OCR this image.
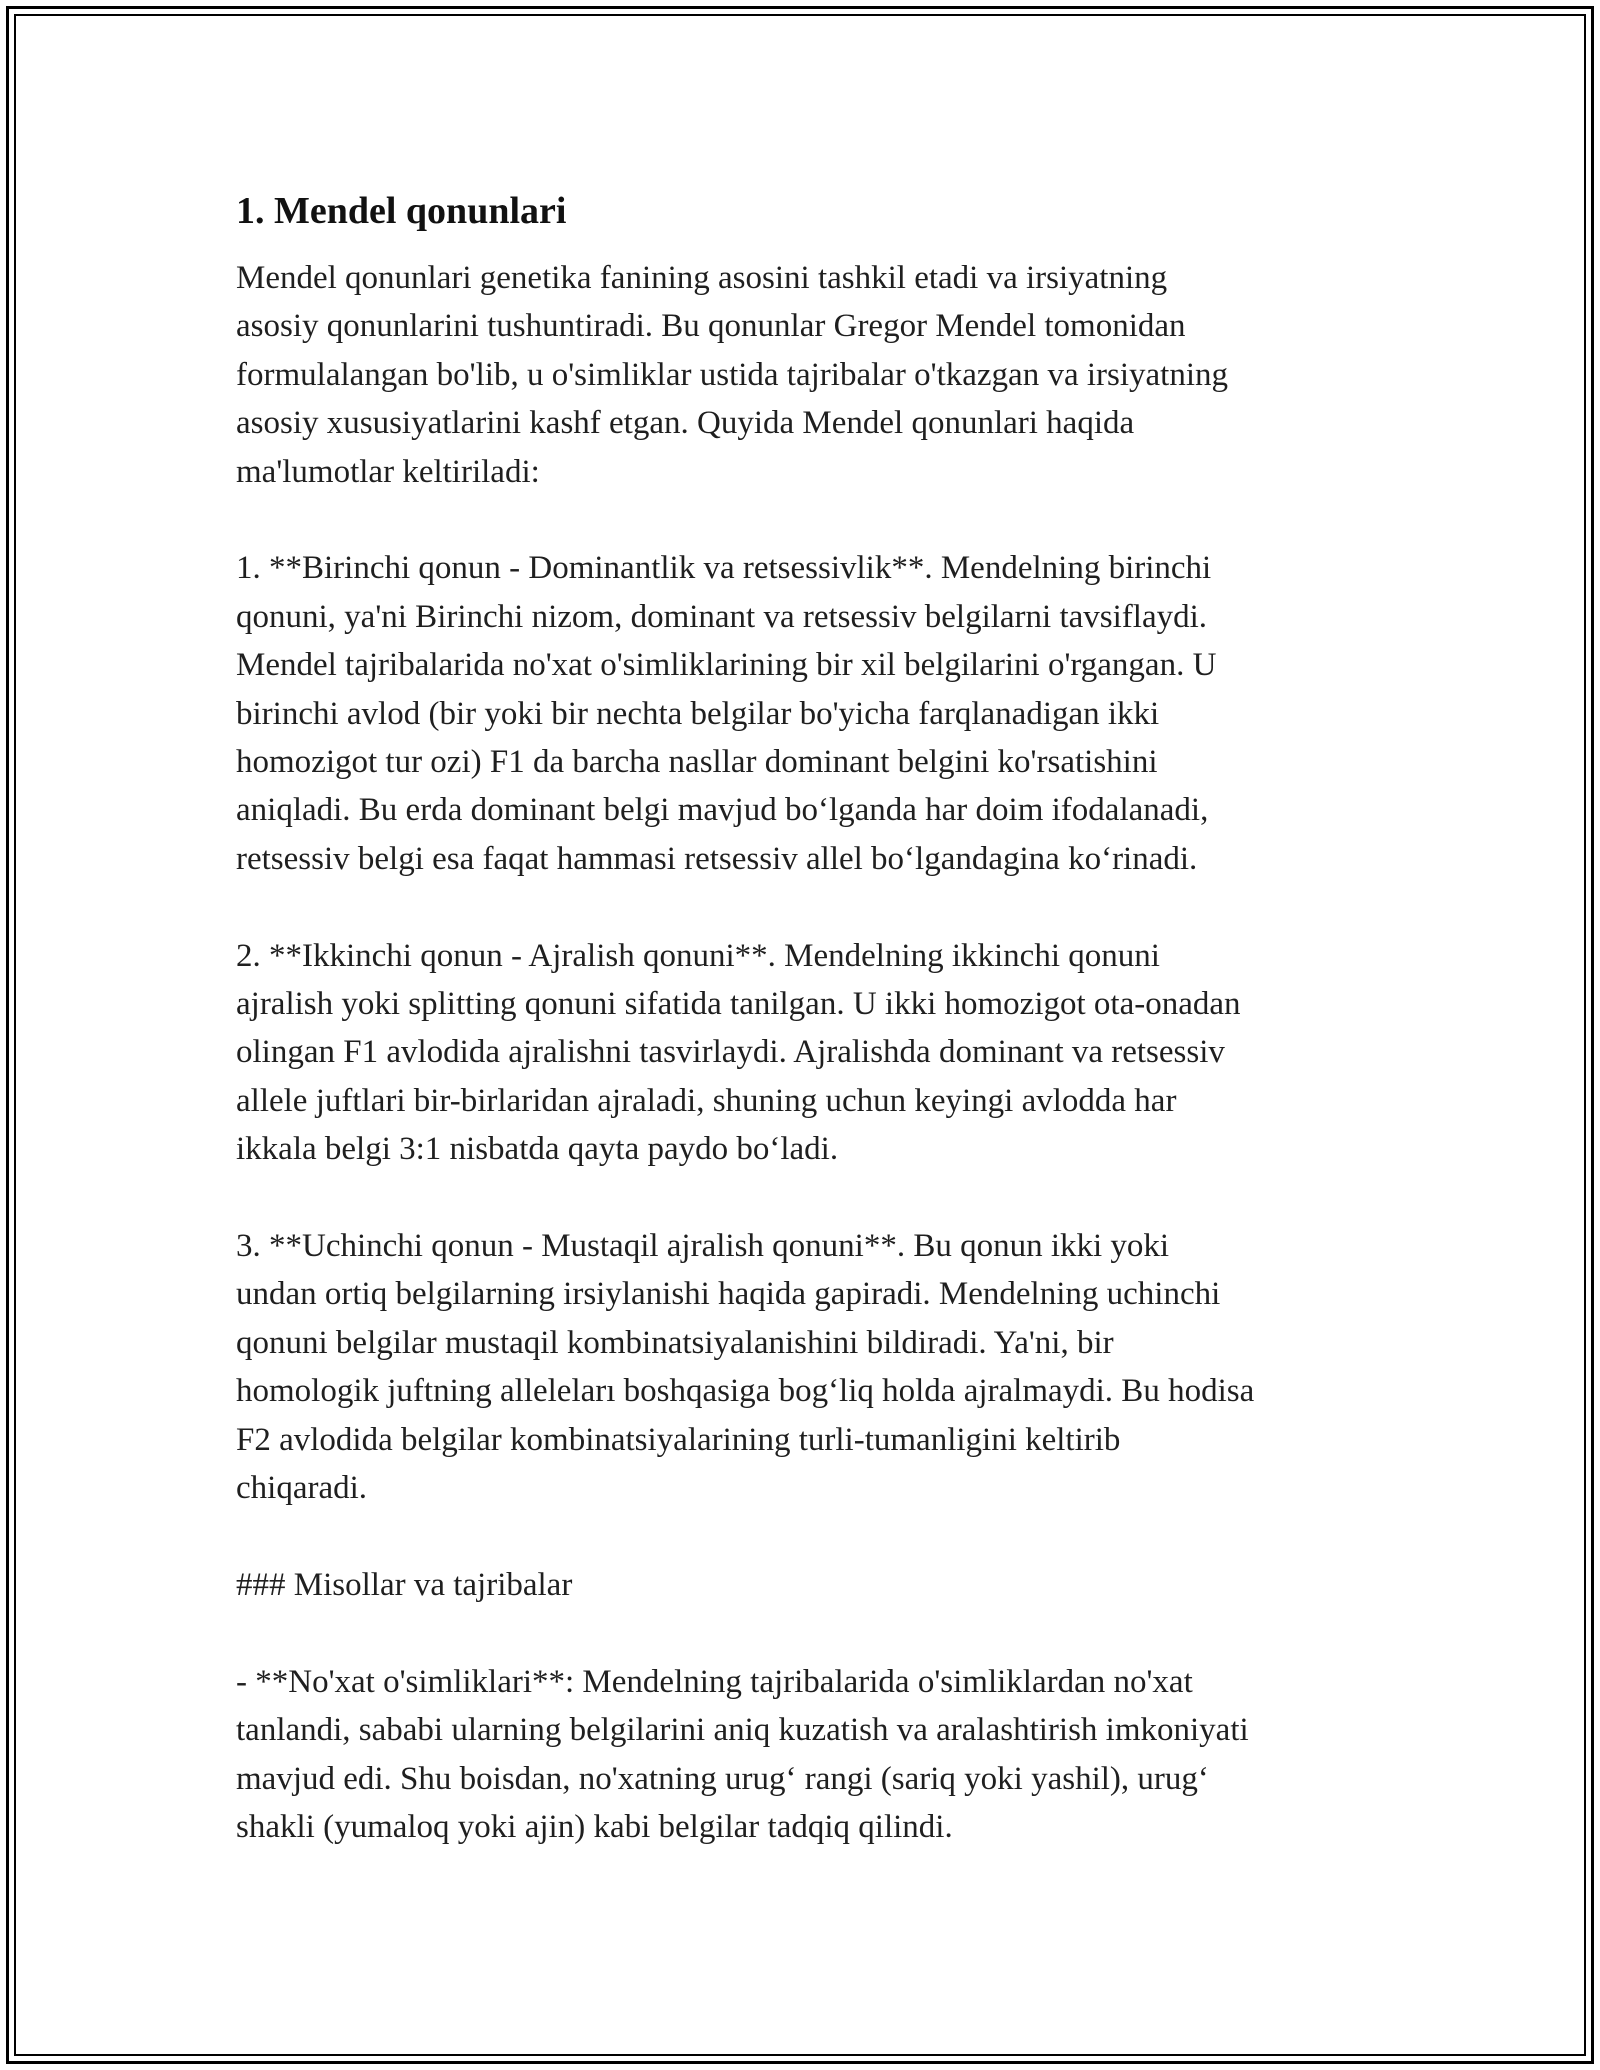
1. Mendel qonunlari

Mendel qonunlari genetika fanining asosini tashkil etadi va irsiyatning
asosiy qonunlarini tushuntiradi. Bu qonunlar Gregor Mendel tomonidan
formulalangan bo'lib, u o'simliklar ustida tajribalar o'tkazgan va irsiyatning
asosiy xususiyatlarini kashf etgan. Quyida Mendel qonunlari haqida
ma'lumotlar keltiriladi:

1. **Birinchi qonun - Dominantlik va retsessivlik**. Mendelning birinchi
qonuni, ya'ni Birinchi nizom, dominant va retsessiv belgilarni tavsiflaydi.
Mendel tajribalarida no'xat o'simliklarining bir xil belgilarini o'rgangan. U
birinchi avlod (bir yoki bir nechta belgilar bo'yicha farqlanadigan ikki
homozigot tur ozi) F1 da barcha nasllar dominant belgini ko'rsatishini
aniqladi. Bu erda dominant belgi mavjud bo‘lganda har doim ifodalanadi,
retsessiv belgi esa faqat hammasi retsessiv allel bo‘lgandagina ko‘rinadi.

2. **Ikkinchi qonun - Ajralish qonuni**. Mendelning ikkinchi qonuni
ajralish yoki splitting qonuni sifatida tanilgan. U ikki homozigot ota-onadan
olingan F1 avlodida ajralishni tasvirlaydi. Ajralishda dominant va retsessiv
allele juftlari bir-birlaridan ajraladi, shuning uchun keyingi avlodda har
ikkala belgi 3:1 nisbatda qayta paydo bo‘ladi.

3. **Uchinchi qonun - Mustaqil ajralish qonuni**. Bu qonun ikki yoki
undan ortiq belgilarning irsiylanishi haqida gapiradi. Mendelning uchinchi
qonuni belgilar mustaqil kombinatsiyalanishini bildiradi. Ya'ni, bir
homologik juftning alleleları boshqasiga bog‘liq holda ajralmaydi. Bu hodisa
F2 avlodida belgilar kombinatsiyalarining turli-tumanligini keltirib
chiqaradi.

### Misollar va tajribalar

- **No'xat o'simliklari**: Mendelning tajribalarida o'simliklardan no'xat
tanlandi, sababi ularning belgilarini aniq kuzatish va aralashtirish imkoniyati
mavjud edi. Shu boisdan, no'xatning urug‘ rangi (sariq yoki yashil), urug‘
shakli (yumaloq yoki ajin) kabi belgilar tadqiq qilindi.
